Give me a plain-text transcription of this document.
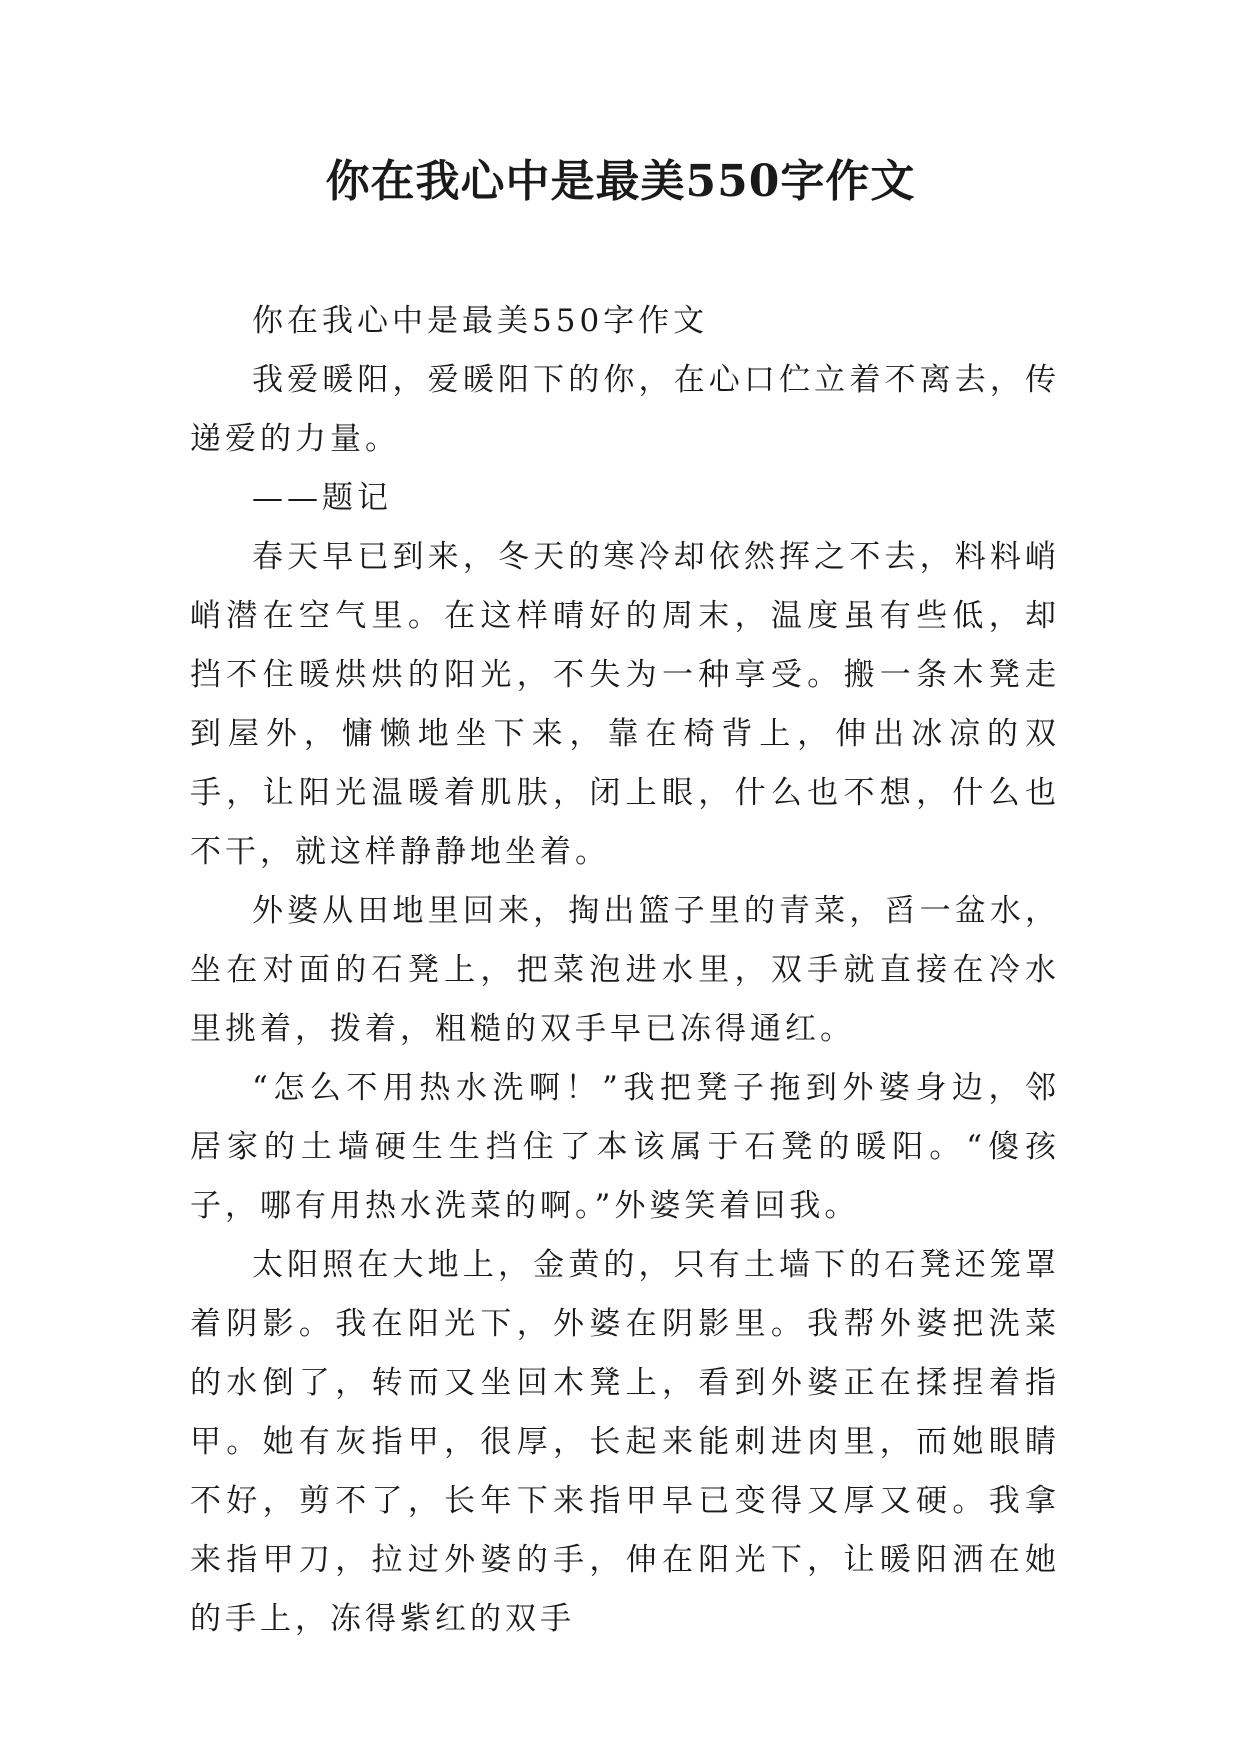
你在我心中是最美550字作文

你在我心中是最美550字作文

我爱暖阳，爱暖阳下的你，在心口伫立着不离去，传递爱的力量。

——题记

春天早已到来，冬天的寒冷却依然挥之不去，料料峭峭潜在空气里。在这样晴好的周末，温度虽有些低，却挡不住暖烘烘的阳光，不失为一种享受。搬一条木凳走到屋外，慵懒地坐下来，靠在椅背上，伸出冰凉的双手，让阳光温暖着肌肤，闭上眼，什么也不想，什么也不干，就这样静静地坐着。

外婆从田地里回来，掏出篮子里的青菜，舀一盆水，坐在对面的石凳上，把菜泡进水里，双手就直接在冷水里挑着，拨着，粗糙的双手早已冻得通红。

“怎么不用热水洗啊！”我把凳子拖到外婆身边，邻居家的土墙硬生生挡住了本该属于石凳的暖阳。“傻孩子，哪有用热水洗菜的啊。”外婆笑着回我。

太阳照在大地上，金黄的，只有土墙下的石凳还笼罩着阴影。我在阳光下，外婆在阴影里。我帮外婆把洗菜的水倒了，转而又坐回木凳上，看到外婆正在揉捏着指甲。她有灰指甲，很厚，长起来能刺进肉里，而她眼睛不好，剪不了，长年下来指甲早已变得又厚又硬。我拿来指甲刀，拉过外婆的手，伸在阳光下，让暖阳洒在她的手上，冻得紫红的双手
